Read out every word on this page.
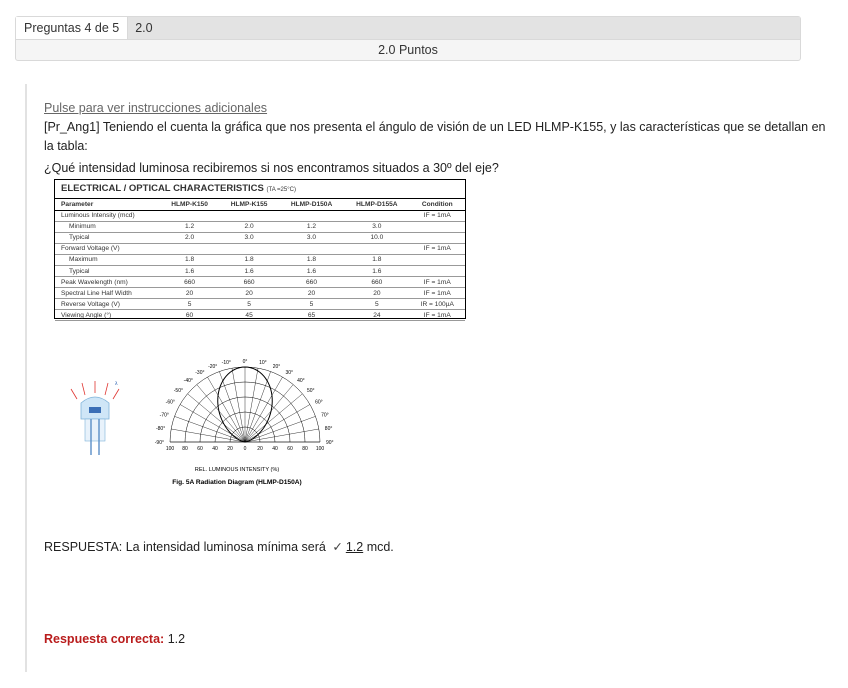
Preguntas 4 de 5	2.0
2.0 Puntos
Pulse para ver instrucciones adicionales
[Pr_Ang1] Teniendo el cuenta la gráfica que nos presenta el ángulo de visión de un LED HLMP-K155, y las características que se detallan en la tabla:
¿Qué intensidad luminosa recibiremos si nos encontramos situados a 30º del eje?
ELECTRICAL / OPTICAL CHARACTERISTICS (TA =25°C)
Parameter	HLMP-K150	HLMP-K155	HLMP-D150A	HLMP-D155A	Condition
Luminous Intensity (mcd)					IF = 1mA
Minimum	1.2	2.0	1.2	3.0	
Typical	2.0	3.0	3.0	10.0	
Forward Voltage (V)					IF = 1mA
Maximum	1.8	1.8	1.8	1.8	
Typical	1.6	1.6	1.6	1.6	
Peak Wavelength (nm)	660	660	660	660	IF = 1mA
Spectral Line Half Width	20	20	20	20	IF = 1mA
Reverse Voltage (V)	5	5	5	5	IR = 100µA
Viewing Angle (°)	60	45	65	24	IF = 1mA
λ
-20°
-10° 0° 10°
20°
-30°	30°
-40°	40°
-50°	50°
-60°	60°
-70°	70°
-80°	80°
-90°	90°
100 80 60 40 20 0 20 40 60 80 100
REL. LUMINOUS INTENSITY (%)
Fig. 5A Radiation Diagram (HLMP-D150A)
RESPUESTA: La intensidad luminosa mínima será ✓ 1.2 mcd.
Respuesta correcta: 1.2
